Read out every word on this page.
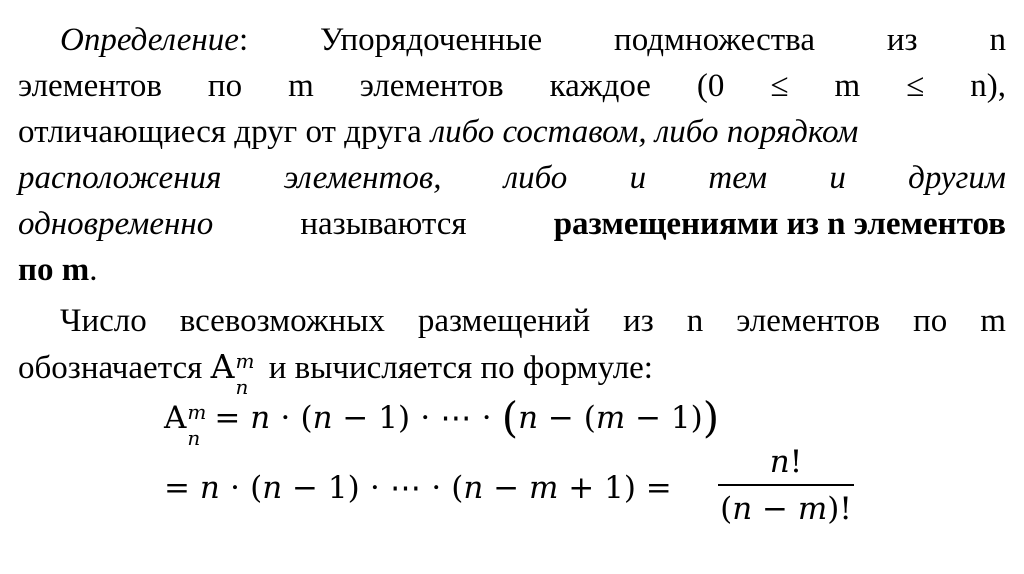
Определение: Упорядоченные подмножества из n
элементов по m элементов каждое (0 ≤ m ≤ n),
отличающиеся друг от друга либо составом, либо порядком
расположения элементов, либо и тем и другим
одновременно	называются	размещениями из n элементов
по m.
Число всевозможных размещений из n элементов по m
обозначается A m
n
и вычисляется по формуле:
A m
n
= 𝑛 ⋅ (𝑛 − 1) ⋅ ⋯ ⋅ (𝑛 − (𝑚 − 1))
= 𝑛 ⋅ (𝑛 − 1) ⋅ ⋯ ⋅ (𝑛 − 𝑚 + 1) =
𝑛!
(𝑛 − 𝑚)!
